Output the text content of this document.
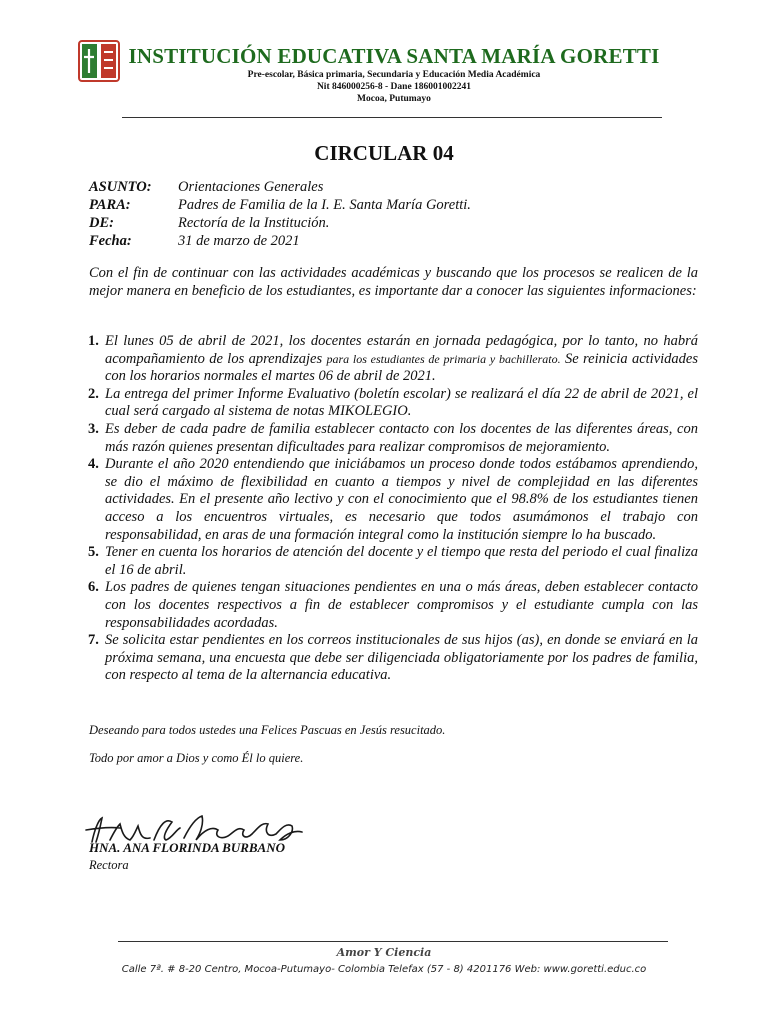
INSTITUCIÓN EDUCATIVA SANTA MARÍA GORETTI
Pre-escolar, Básica primaria, Secundaria y Educación Media Académica
Nit 846000256-8 - Dane 186001002241
Mocoa, Putumayo
CIRCULAR 04
ASUNTO: Orientaciones Generales
PARA:	Padres de Familia de la I. E. Santa María Goretti.
DE:	Rectoría de la Institución.
Fecha:	31 de marzo de 2021
Con el fin de continuar con las actividades académicas y buscando que los procesos se realicen de la mejor manera en beneficio de los estudiantes, es importante dar a conocer las siguientes informaciones:
1. El lunes 05 de abril de 2021, los docentes estarán en jornada pedagógica, por lo tanto, no habrá acompañamiento de los aprendizajes para los estudiantes de primaria y bachillerato. Se reinicia actividades con los horarios normales el martes 06 de abril de 2021.
2. La entrega del primer Informe Evaluativo (boletín escolar) se realizará el día 22 de abril de 2021, el cual será cargado al sistema de notas MIKOLEGIO.
3. Es deber de cada padre de familia establecer contacto con los docentes de las diferentes áreas, con más razón quienes presentan dificultades para realizar compromisos de mejoramiento.
4. Durante el año 2020 entendiendo que iniciábamos un proceso donde todos estábamos aprendiendo, se dio el máximo de flexibilidad en cuanto a tiempos y nivel de complejidad en las diferentes actividades. En el presente año lectivo y con el conocimiento que el 98.8% de los estudiantes tienen acceso a los encuentros virtuales, es necesario que todos asumámonos el trabajo con responsabilidad, en aras de una formación integral como la institución siempre lo ha buscado.
5. Tener en cuenta los horarios de atención del docente y el tiempo que resta del periodo el cual finaliza el 16 de abril.
6. Los padres de quienes tengan situaciones pendientes en una o más áreas, deben establecer contacto con los docentes respectivos a fin de establecer compromisos y el estudiante cumpla con las responsabilidades acordadas.
7. Se solicita estar pendientes en los correos institucionales de sus hijos (as), en donde se enviará en la próxima semana, una encuesta que debe ser diligenciada obligatoriamente por los padres de familia, con respecto al tema de la alternancia educativa.
Deseando para todos ustedes una Felices Pascuas en Jesús resucitado.
Todo por amor a Dios y como Él lo quiere.
HNA. ANA FLORINDA BURBANO
Rectora
Amor Y Ciencia
Calle 7ª. # 8-20 Centro, Mocoa-Putumayo- Colombia Telefax (57 - 8) 4201176 Web: www.goretti.educ.co
